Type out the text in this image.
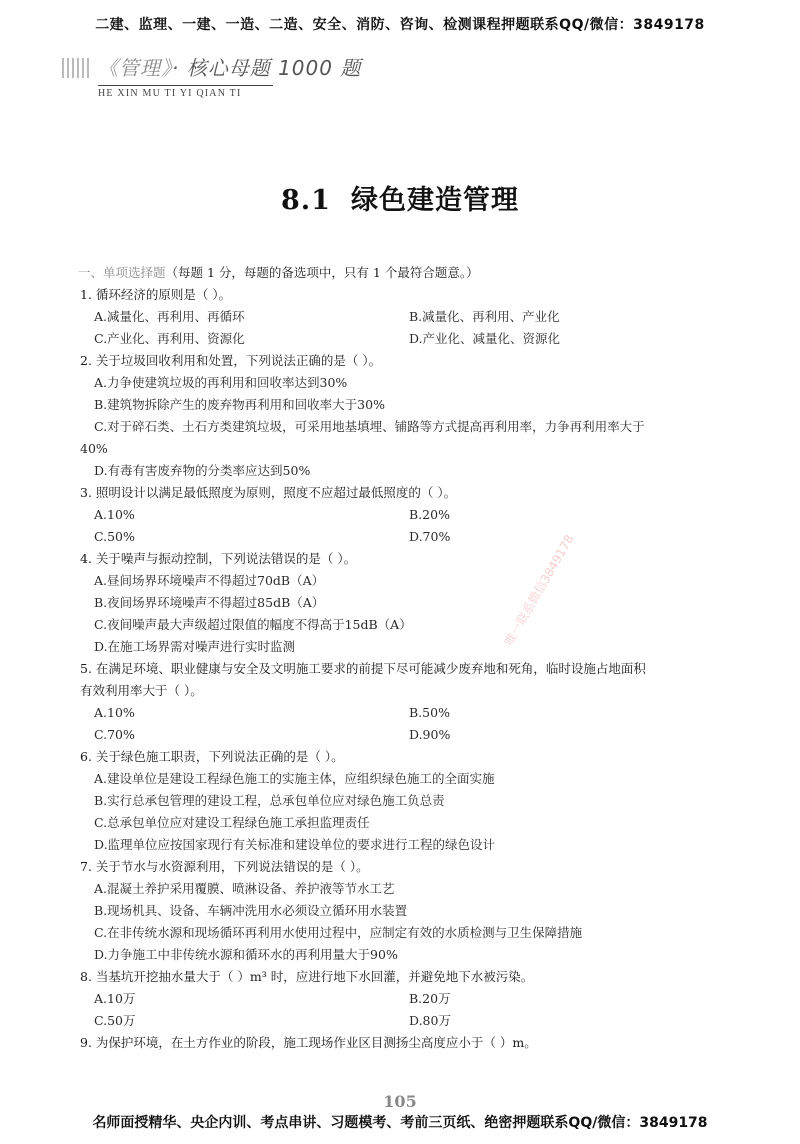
二建、监理、一建、一造、二造、安全、消防、咨询、检测课程押题联系QQ/微信：3849178
《管理》· 核心母题 1000 题
HE XIN MU TI YI QIAN TI
8.1 绿色建造管理
一、单项选择题（每题 1 分，每题的备选项中，只有 1 个最符合题意。）
1. 循环经济的原则是（ ）。
A.减量化、再利用、再循环	B.减量化、再利用、产业化
C.产业化、再利用、资源化	D.产业化、减量化、资源化
2. 关于垃圾回收利用和处置，下列说法正确的是（ ）。
A.力争使建筑垃圾的再利用和回收率达到30%
B.建筑物拆除产生的废弃物再利用和回收率大于30%
C.对于碎石类、土石方类建筑垃圾，可采用地基填埋、铺路等方式提高再利用率，力争再利用率大于
40%
D.有毒有害废弃物的分类率应达到50%
3. 照明设计以满足最低照度为原则，照度不应超过最低照度的（ ）。
A.10%	B.20%
C.50%	D.70%
4. 关于噪声与振动控制，下列说法错误的是（ ）。
A.昼间场界环境噪声不得超过70dB（A）
B.夜间场界环境噪声不得超过85dB（A）
C.夜间噪声最大声级超过限值的幅度不得高于15dB（A）
D.在施工场界需对噪声进行实时监测
5. 在满足环境、职业健康与安全及文明施工要求的前提下尽可能减少废弃地和死角，临时设施占地面积
有效利用率大于（ ）。
A.10%	B.50%
C.70%	D.90%
6. 关于绿色施工职责，下列说法正确的是（ ）。
A.建设单位是建设工程绿色施工的实施主体，应组织绿色施工的全面实施
B.实行总承包管理的建设工程，总承包单位应对绿色施工负总责
C.总承包单位应对建设工程绿色施工承担监理责任
D.监理单位应按国家现行有关标准和建设单位的要求进行工程的绿色设计
7. 关于节水与水资源利用，下列说法错误的是（ ）。
A.混凝土养护采用覆膜、喷淋设备、养护液等节水工艺
B.现场机具、设备、车辆冲洗用水必须设立循环用水装置
C.在非传统水源和现场循环再利用水使用过程中，应制定有效的水质检测与卫生保障措施
D.力争施工中非传统水源和循环水的再利用量大于90%
8. 当基坑开挖抽水量大于（ ）m³ 时，应进行地下水回灌，并避免地下水被污染。
A.10万	B.20万
C.50万	D.80万
9. 为保护环境，在土方作业的阶段，施工现场作业区目测扬尘高度应小于（ ）m。
唯一联系微信3849178
105
名师面授精华、央企内训、考点串讲、习题模考、考前三页纸、绝密押题联系QQ/微信：3849178
